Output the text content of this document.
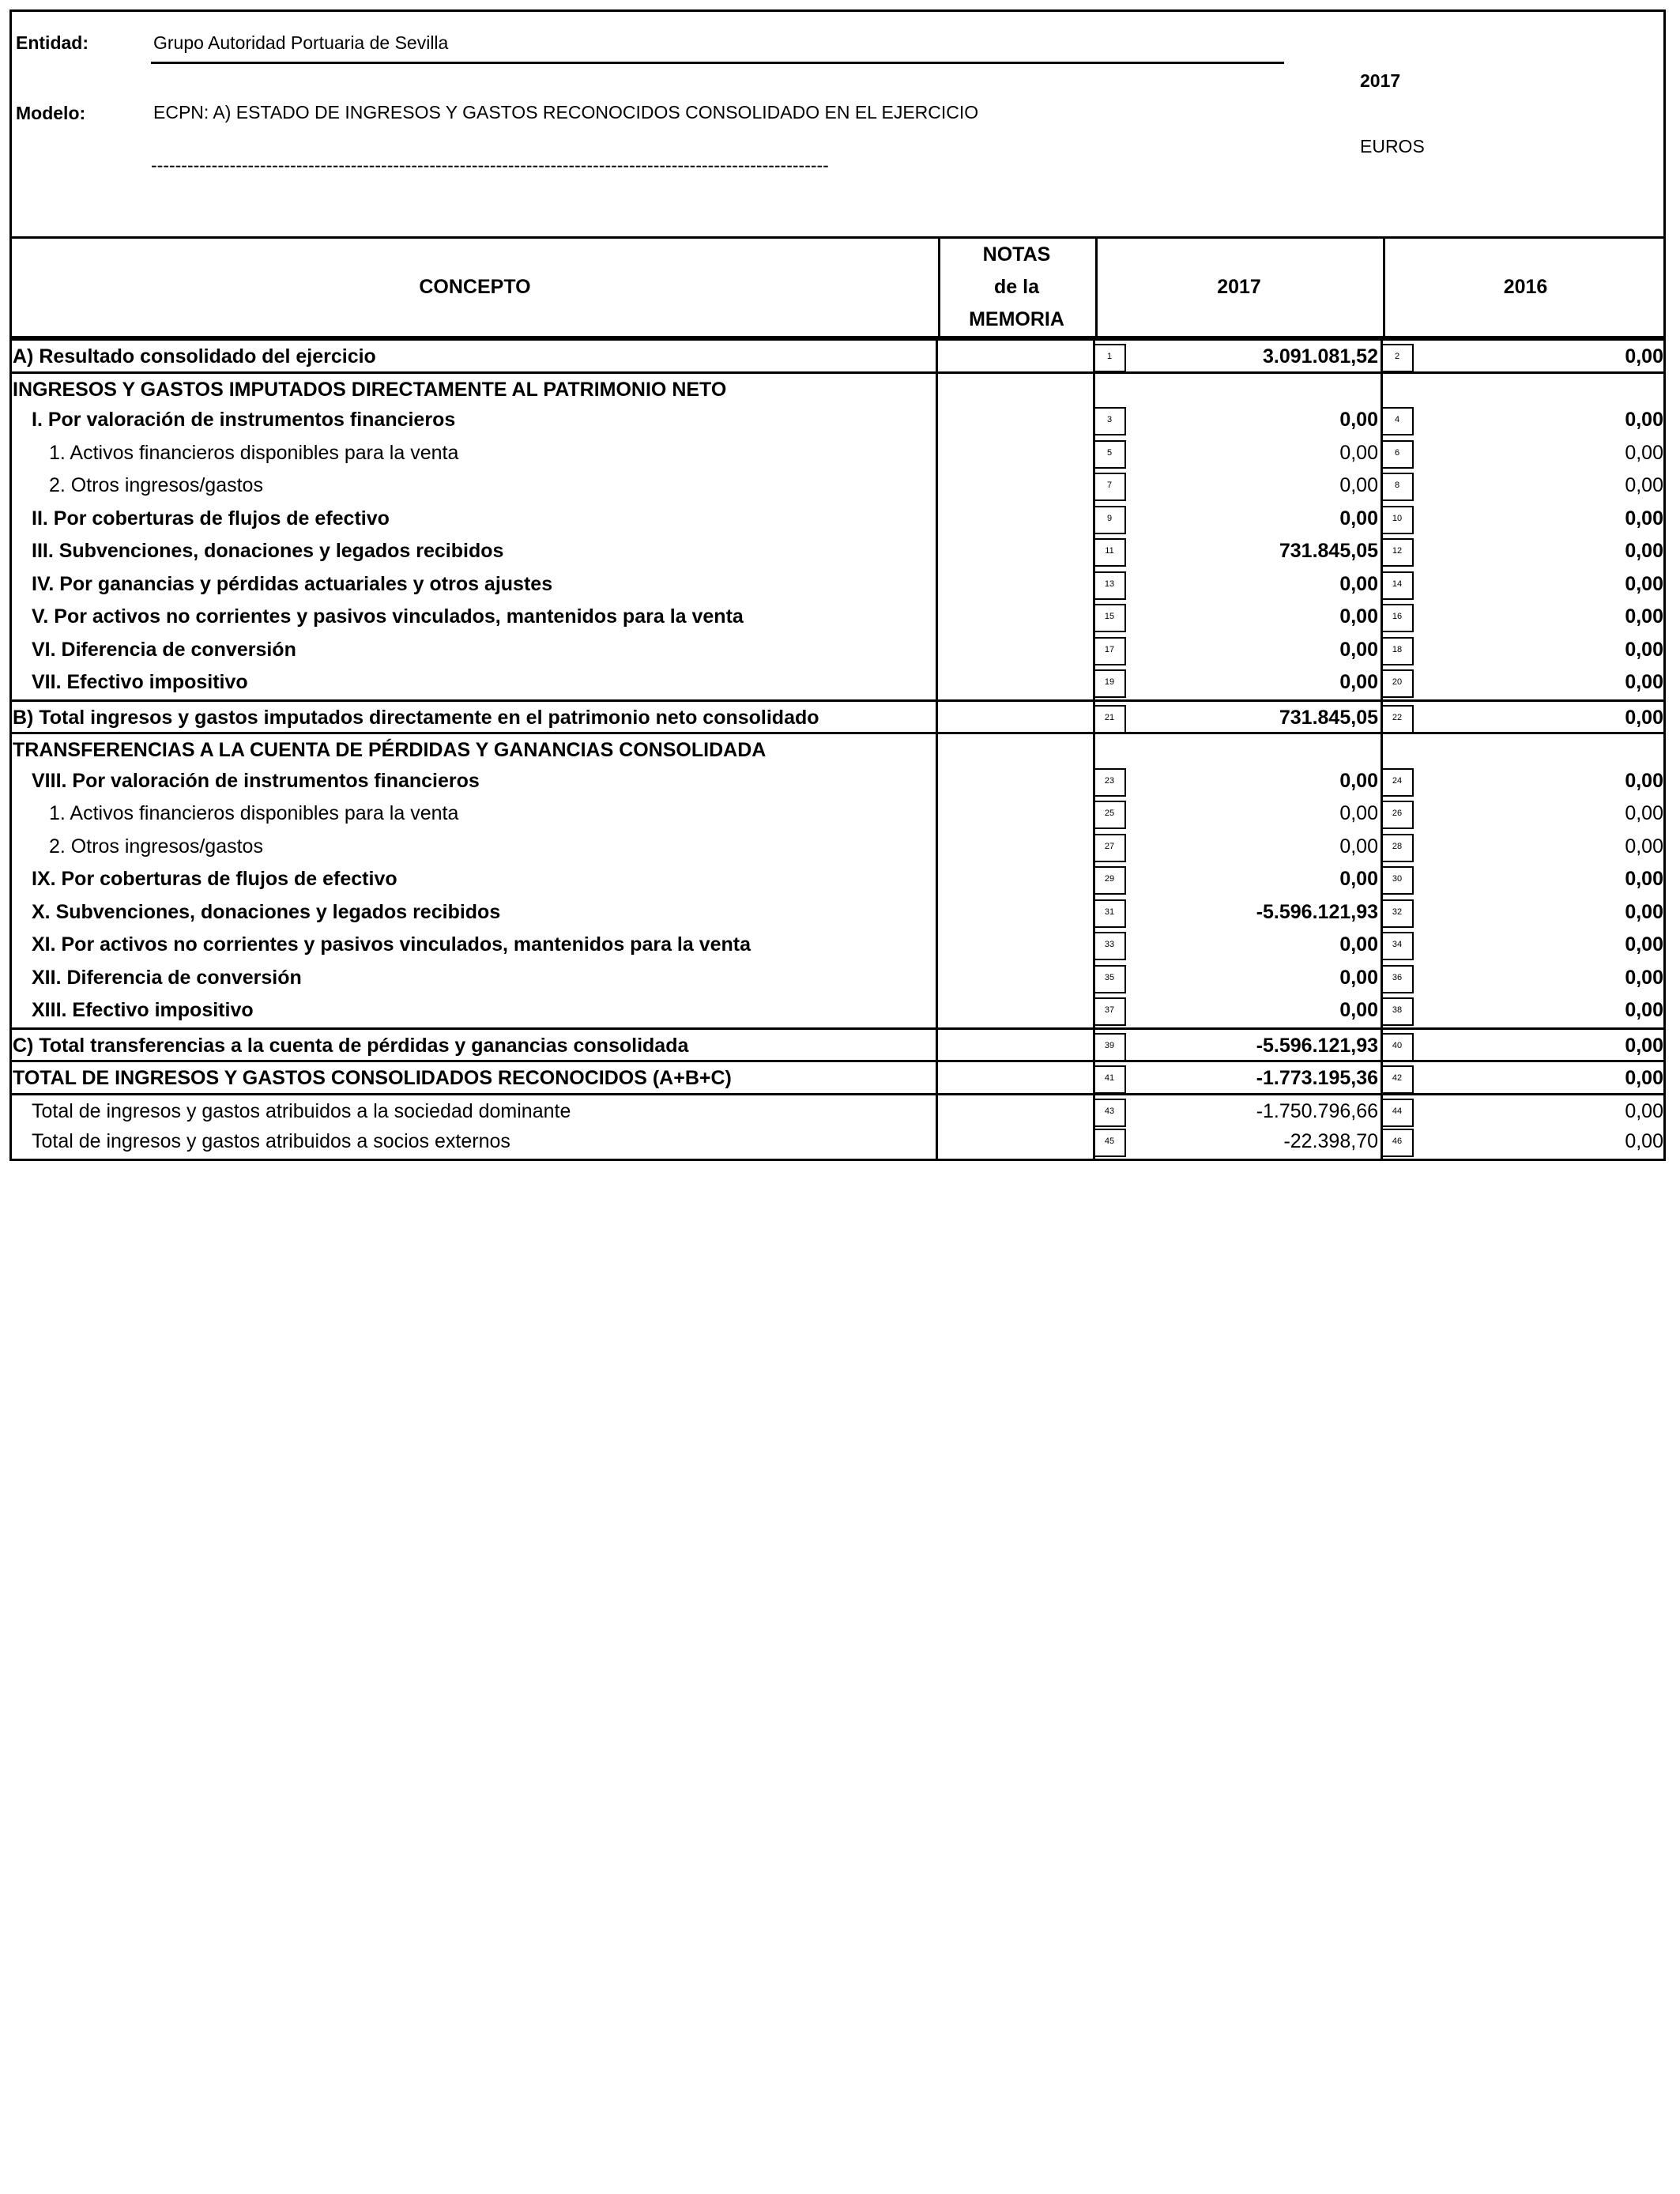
Entidad:	Grupo Autoridad Portuaria de Sevilla
2017
Modelo:	ECPN: A) ESTADO DE INGRESOS Y GASTOS RECONOCIDOS CONSOLIDADO EN EL EJERCICIO
EUROS
----------------------------------------------------------------------------------------------------------------
CONCEPTO
NOTAS
de la
MEMORIA
2017	2016
A) Resultado consolidado del ejercicio	1	3.091.081,52	2	0,00
INGRESOS Y GASTOS IMPUTADOS DIRECTAMENTE AL PATRIMONIO NETO
I. Por valoración de instrumentos financieros	3	0,00	4	0,00
1. Activos financieros disponibles para la venta	5	0,00	6	0,00
2. Otros ingresos/gastos	7	0,00	8	0,00
II. Por coberturas de flujos de efectivo	9	0,00	10	0,00
III. Subvenciones, donaciones y legados recibidos	11	731.845,05	12	0,00
IV. Por ganancias y pérdidas actuariales y otros ajustes	13	0,00	14	0,00
V. Por activos no corrientes y pasivos vinculados, mantenidos para la venta	15	0,00	16	0,00
VI. Diferencia de conversión	17	0,00	18	0,00
VII. Efectivo impositivo	19	0,00	20	0,00
B) Total ingresos y gastos imputados directamente en el patrimonio neto consolidado	21	731.845,05	22	0,00
TRANSFERENCIAS A LA CUENTA DE PÉRDIDAS Y GANANCIAS CONSOLIDADA
VIII. Por valoración de instrumentos financieros	23	0,00	24	0,00
1. Activos financieros disponibles para la venta	25	0,00	26	0,00
2. Otros ingresos/gastos	27	0,00	28	0,00
IX. Por coberturas de flujos de efectivo	29	0,00	30	0,00
X. Subvenciones, donaciones y legados recibidos	31	-5.596.121,93	32	0,00
XI. Por activos no corrientes y pasivos vinculados, mantenidos para la venta	33	0,00	34	0,00
XII. Diferencia de conversión	35	0,00	36	0,00
XIII. Efectivo impositivo	37	0,00	38	0,00
C) Total transferencias a la cuenta de pérdidas y ganancias consolidada	39	-5.596.121,93	40	0,00
TOTAL DE INGRESOS Y GASTOS CONSOLIDADOS RECONOCIDOS (A+B+C)	41	-1.773.195,36	42	0,00
Total de ingresos y gastos atribuidos a la sociedad dominante	43	-1.750.796,66	44	0,00
Total de ingresos y gastos atribuidos a socios externos	45	-22.398,70	46	0,00
